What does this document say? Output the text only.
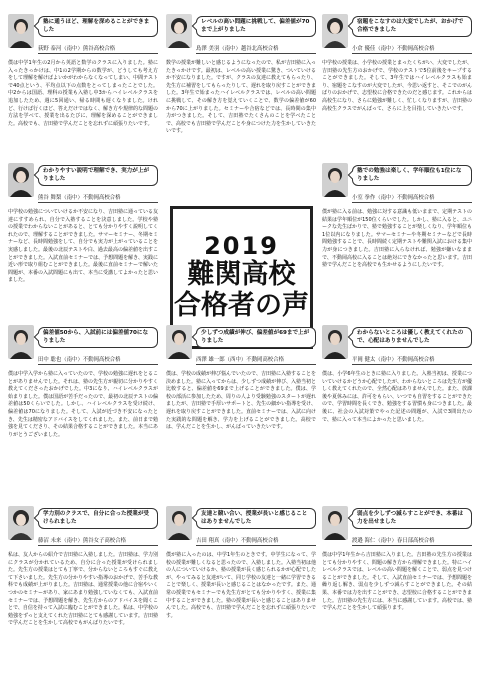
2019
難関高校
合格者の声
塾に通うほど、理解を深めることができました
荻野 泰河（南中）熊谷高校合格
僕は中学1年生の2月から英語と数学のクラスに入りました。塾に入ったきっかけは、中1の2学期からの数学が、どうしても考え方をして理解を解けばよいかがわからなくなってしまい、中間テストで40点という、平均点以下の点数をとってしまったことでした。中2からは国語、理科の授業も入塾し中3からハイレベルクラスを追加したため、週に5回通い、帰る時間も遅くなりました。けれど、行けば行くほど、答えだけではなく、解き方や規律的な問題の方法を学べて、授業を出るたびに、理解を深めることができました。高校でも、吉田塾で学んだことを忘れずに頑張りたいです。
レベルの高い問題に挑戦して、偏差値が70まで上がりました
島澤 美羽（南中）越谷北高校合格
数学の授業が難しいと感じるようになったので、私が吉田塾に入ったきっかけです。最初は、レベルの高い授業に驚き、ついていけるか不安になりました。ですが、クラスの友達に教えてもらったり、先生方に補習をしてもらったりして、遅れを取り戻すことができました。3年生で始まったハイレベルクラスでは、レベルの高い問題に挑戦して、その解き方を覚えていくことで、数学の偏差値が60から70に上がりました。セミナーや合宿などでは、長時間の集中力がつきました。そして、吉田塾でたくさんのことを学べたことで、高校でも吉田塾で学んだことや身につけた力を生かしていきたいです。
宿題をこなすのは大変でしたが、おかげで合格できました
小倉 優佳（南中）不動岡高校合格
中学校の授業は、小学校の授業とまったくちがい、大変でしたが、吉田塾の先生方のおかげで、学校のテストで5位前後をキープすることができました。そして、3年生ではハイレベルクラスも始まり、宿題をこなすのが大変でしたが、今思い返すと、そこでのがんばりのおかげで、志望校に合格できたのだと感じます。これからは高校生になり、さらに勉強が難しく、忙しくなりますが、吉田塾の高校生クラスでがんばって、さらに上を目指していきたいです。
わかりやすい説明で理解でき、実力が上がりました
熊谷 舞梨（南中）不動岡高校合格
中学校の勉強についていけるか不安になり、吉田塾に通っている友達にすすめられ、自分で入塾することを決意しました。学校や塾の授業でわからないことがあると、とても分かりやすく説明してくれたので、理解することができました。サマーセミナー、冬期セミナーなど、長時間勉強をして、自分でも実力が上がっていることを実感しました。最後の北辰テストや白、過去最高の偏差値を出すことができました。入試直前セミナーでは、予想問題を解き、実践に近い形で取り組むことができました。最後に直前セミナーで解いた問題が、本番の入試問題にも出て、本当に受講してよかったと思いました。
塾での勉強は楽しく、学年順位も1位になりました
小室 拳作（南中）不動岡高校合格
僕が塾に入る前は、勉強に対する意識も低いままで、定期テストの結果は学年順位が150位くらいでした。しかし、塾に入ると、ユニークな先生ばかりで、塾で勉強することが楽しくなり、学年順位も1位以内になりました。サマーセミナーや冬期セミナーなどで長時間勉強することで、長時間続く定期テストや難関入試における集中力が身につきました。吉田塾に入らなければ、勉強が嫌いなままで、不動岡高校に入ることは絶対にできなかったと思います。吉田塾で学んだことを高校でも生かせるようにしたいです。
偏差値50から、入試前には偏差値70になりました
田中 聡也（南中）不動岡高校合格
僕は中学入学から塾に入っていたので、学校の勉強に遅れをとることがありませんでした。それは、塾の先生方が親切に分かりやすく教えてくださったおかげでした。中3になり、ハイレベルクラスが始まりました。僕は国語が苦手だったので、最初の北辰テストの偏差値は50くらいでした。しかし、ハイレベルクラスを受け続け、偏差値は70になりました。そして、入試が近づき不安になったとき、先生は精密なアドバイスをしてくれました。また、前日まで勉強を見てくださり、その結果合格することができました。本当にありがとうございました。
少しずつ成績が伸び、偏差値が69まで上がりました
西澤 雄一郎（西中）不動岡高校合格
僕は、学校の成績が伸び悩んでいたので、吉田塾に入塾することを決めました。塾に入ってからは、少しずつ成績が伸び、入塾当初と比較すると、偏差値を69まで上げることができました。僕は、学校の部活に参加したため、周りの人より受験勉強のスタートが遅れましたが、吉田塾で手厚いサポートと、先生の細かい指導を受け、遅れを取り戻すことができました。直前セミナーでは、入試に向けた実践的な問題を解き、学力を上げることができました。高校では、学んだことを生かし、がんばっていきたいです。
わからないところは優しく教えてくれたので、心配はありませんでした
平岡 健太（南中）不動岡高校合格
僕は、小学6年生のときに塾に入りました。入塾当初は、授業についていけるかどうか心配でしたが、わからないところは先生方が優しく教えてくれたので、全然心配はありませんでした。また、放課後や夏休みには、許可をもらい、いつでも自習をすることができたので、学習時間を長くでき、勉強をする習慣も身につきました。最後に、社会の入試対策でやった記述の問題が、入試で3問出たので、塾に入って本当によかったと思いました。
学力別のクラスで、自分に合った授業が受けられました
藤沼 未来（南中）熊谷女子高校合格
私は、友人からの紹介で吉田塾に入塾しました。吉田塾は、学力別にクラスが分かれているため、自分に合った授業が受けられました。先生方の授業はとても丁寧で、分からないところもすぐに教えて下さいました。先生方の分かりやすい指導のおかげで、苦手な教科でも成績が上がりました。吉田塾は、通常授業の他に合宿やいくつかのセミナーがあり、家にあまり勉強していなくても、入試直前セミナーでは、予想問題を解き、先生方からのアドバイスを聞くことで、自信を持って入試に臨むことができました。私は、中学校の勉強をずっと支えてくれた吉田塾にとても感謝しています。吉田塾で学んだことを生かして高校でもがんばりたいです。
友達と競い合い、授業が長いと感じることはありませんでした
吉田 翔真（南中）不動岡高校合格
僕が塾に入ったのは、中学1年生のときです。中学生になって、学校の授業が難しくなると思ったので、入塾しました。入塾当初は他の人についていけるか、塾の授業が長く感じられるかが心配でしたが、やってみると友達がいて、同じ学校の友達と一緒に学習できることで楽しく、授業が長いと感じることはなかったです。また、通常の授業でもセミナーでも先生方がとても分かりやすく、授業に集中することができました。塾の授業が長いと感じることはありませんでした。高校でも、吉田塾で学んだことを忘れずに頑張りたいです。
弱点を少しずつ減らすことができ、本番は力を出せました
渡邉 海仁（南中）春日部高校合格
僕は中学1年生から吉田塾に入りました。吉田塾の先生方の授業はとても分かりやすく、問題の解き方から理解できました。特にハイレベルクラスでは、レベルの高い問題を解くことで、弱点を見つけることができました。そして、入試直前セミナーでは、予想問題を繰り返し解き、弱点を少しずつ減らすことができました。その結果、本番では力を出すことができ、志望校に合格することができました。吉田塾の先生方には、本当に感謝しています。高校では、塾で学んだことを生かして頑張ります。
